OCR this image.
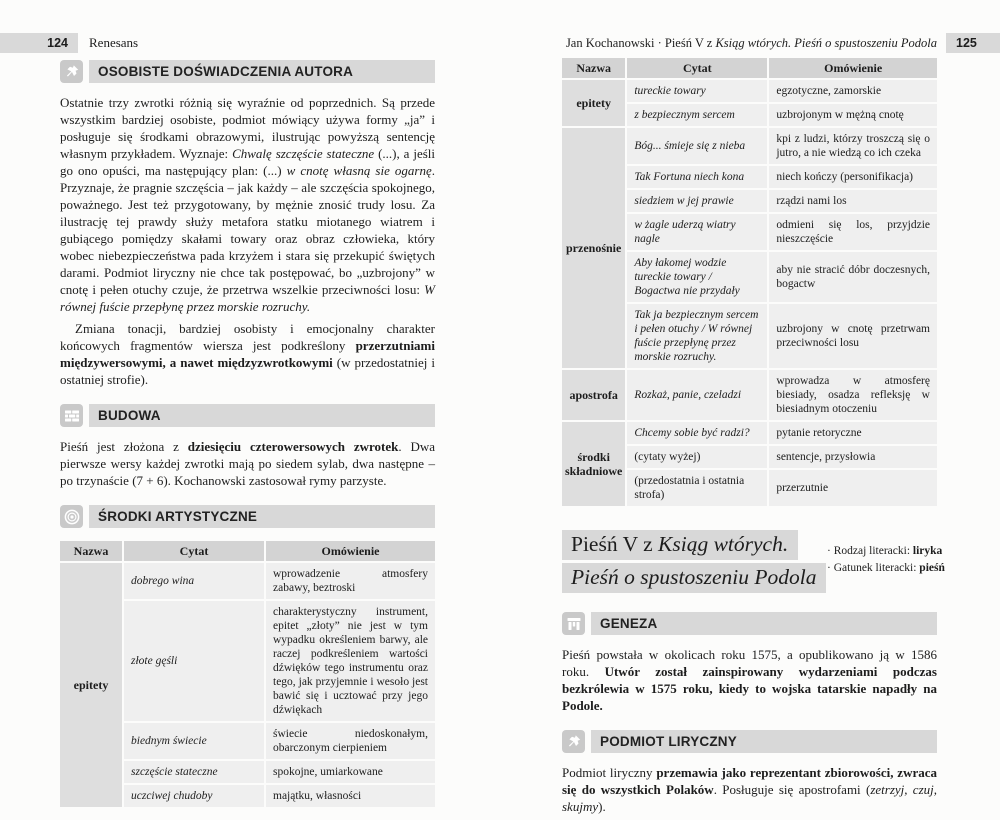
124	Renesans
OSOBISTE DOŚWIADCZENIA AUTORA

Ostatnie trzy zwrotki różnią się wyraźnie od poprzednich. Są przede wszystkim bardziej osobiste, podmiot mówiący używa formy „ja” i posługuje się środkami obrazowymi, ilustrując powyższą sentencję własnym przykładem. Wyznaje: Chwalę szczęście stateczne (...), a jeśli go ono opuści, ma następujący plan: (...) w cnotę własną sie ogarnę. Przyznaje, że pragnie szczęścia – jak każdy – ale szczęścia spokojnego, poważnego. Jest też przygotowany, by mężnie znosić trudy losu. Za ilustrację tej prawdy służy metafora statku miotanego wiatrem i gubiącego pomiędzy skałami towary oraz obraz człowieka, który wobec niebezpieczeństwa pada krzyżem i stara się przekupić świętych darami. Podmiot liryczny nie chce tak postępować, bo „uzbrojony” w cnotę i pełen otuchy czuje, że przetrwa wszelkie przeciwności losu: W równej fuście przepłynę przez morskie rozruchy.

Zmiana tonacji, bardziej osobisty i emocjonalny charakter końcowych fragmentów wiersza jest podkreślony przerzutniami międzywersowymi, a nawet międzyzwrotkowymi (w przedostatniej i ostatniej strofie).

BUDOWA

Pieśń jest złożona z dziesięciu czterowersowych zwrotek. Dwa pierwsze wersy każdej zwrotki mają po siedem sylab, dwa następne – po trzynaście (7 + 6). Kochanowski zastosował rymy parzyste.

ŚRODKI ARTYSTYCZNE
Nazwa	Cytat	Omówienie
epitety	dobrego wina	wprowadzenie atmosfery zabawy, beztroski
	złote gęśli	charakterystyczny instrument, epitet „złoty” nie jest w tym wypadku określeniem barwy, ale raczej podkreśleniem wartości dźwięków tego instrumentu oraz tego, jak przyjemnie i wesoło jest bawić się i ucztować przy jego dźwiękach
	biednym świecie	świecie niedoskonałym, obarczonym cierpieniem
	szczęście stateczne	spokojne, umiarkowane
	uczciwej chudoby	majątku, własności
Jan Kochanowski · Pieśń V z Ksiąg wtórych. Pieśń o spustoszeniu Podola	125
Nazwa	Cytat	Omówienie
epitety	tureckie towary	egzotyczne, zamorskie
	z bezpiecznym sercem	uzbrojonym w mężną cnotę
przenośnie	Bóg... śmieje się z nieba	kpi z ludzi, którzy troszczą się o jutro, a nie wiedzą co ich czeka
	Tak Fortuna niech kona	niech kończy (personifikacja)
	siedziem w jej prawie	rządzi nami los
	w żagle uderzą wiatry nagle	odmieni się los, przyjdzie nieszczęście
	Aby łakomej wodzie tureckie towary / Bogactwa nie przydały	aby nie stracić dóbr doczesnych, bogactw
	Tak ja bezpiecznym sercem i pełen otuchy / W równej fuście przepłynę przez morskie rozruchy.	uzbrojony w cnotę przetrwam przeciwności losu
apostrofa	Rozkaż, panie, czeladzi	wprowadza w atmosferę biesiady, osadza refleksję w biesiadnym otoczeniu
środki składniowe	Chcemy sobie być radzi?	pytanie retoryczne
	(cytaty wyżej)	sentencje, przysłowia
	(przedostatnia i ostatnia strofa)	przerzutnie
Pieśń V z Ksiąg wtórych.
Pieśń o spustoszeniu Podola
· Rodzaj literacki: liryka
· Gatunek literacki: pieśń
GENEZA

Pieśń powstała w okolicach roku 1575, a opublikowano ją w 1586 roku. Utwór został zainspirowany wydarzeniami podczas bezkrólewia w 1575 roku, kiedy to wojska tatarskie napadły na Podole.

PODMIOT LIRYCZNY

Podmiot liryczny przemawia jako reprezentant zbiorowości, zwraca się do wszystkich Polaków. Posługuje się apostrofami (zetrzyj, czuj, skujmy).
